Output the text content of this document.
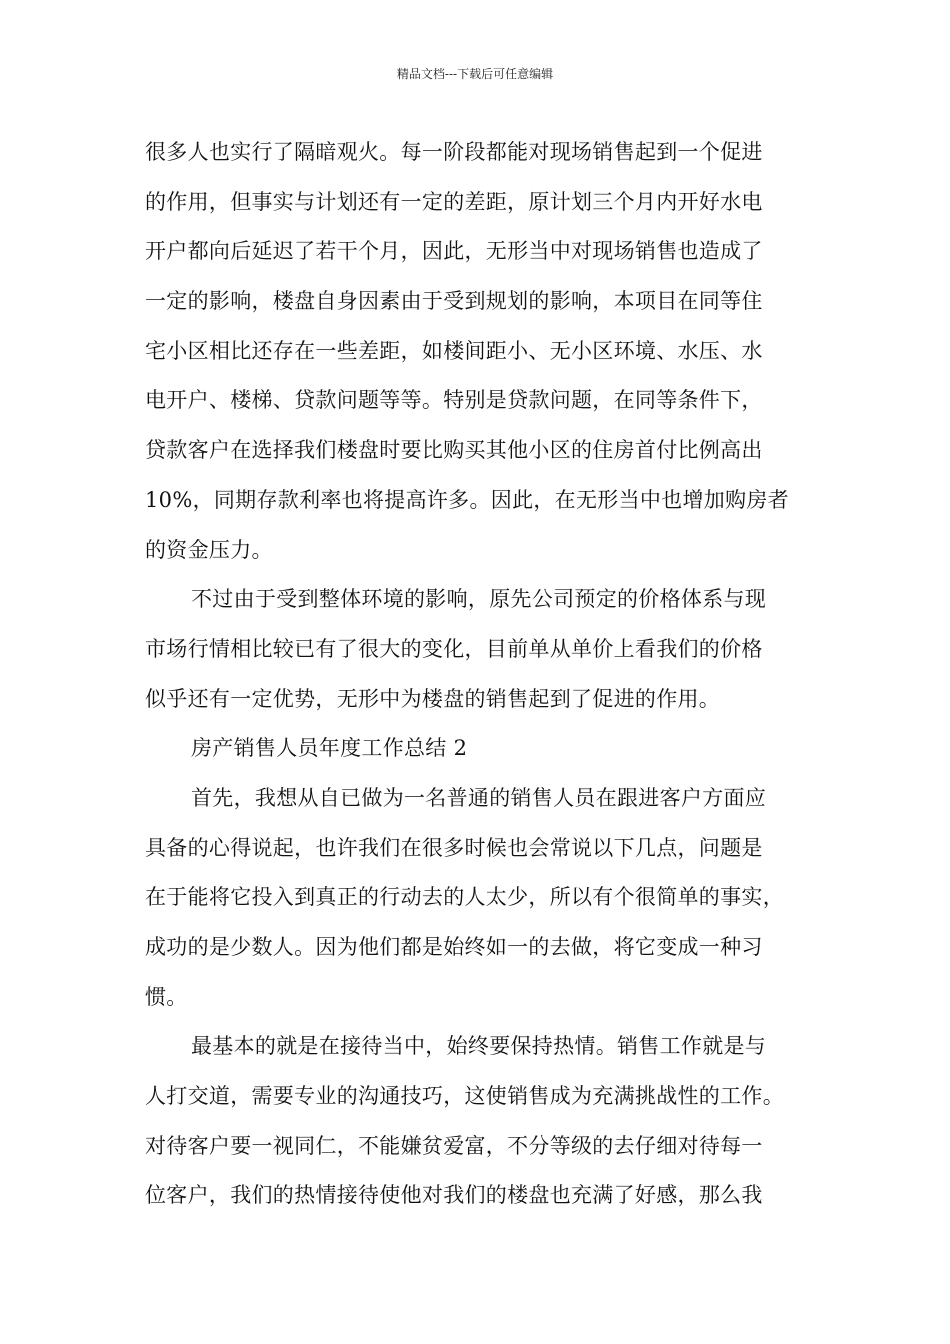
精品文档---下载后可任意编辑
很多人也实行了隔暗观火。每一阶段都能对现场销售起到一个促进
的作用，但事实与计划还有一定的差距，原计划三个月内开好水电
开户都向后延迟了若干个月，因此，无形当中对现场销售也造成了
一定的影响，楼盘自身因素由于受到规划的影响，本项目在同等住
宅小区相比还存在一些差距，如楼间距小、无小区环境、水压、水
电开户、楼梯、贷款问题等等。特别是贷款问题，在同等条件下，
贷款客户在选择我们楼盘时要比购买其他小区的住房首付比例高出
10%，同期存款利率也将提高许多。因此，在无形当中也增加购房者
的资金压力。
不过由于受到整体环境的影响，原先公司预定的价格体系与现
市场行情相比较已有了很大的变化，目前单从单价上看我们的价格
似乎还有一定优势，无形中为楼盘的销售起到了促进的作用。
房产销售人员年度工作总结 2
首先，我想从自已做为一名普通的销售人员在跟进客户方面应
具备的心得说起，也许我们在很多时候也会常说以下几点，问题是
在于能将它投入到真正的行动去的人太少，所以有个很简单的事实，
成功的是少数人。因为他们都是始终如一的去做，将它变成一种习
惯。
最基本的就是在接待当中，始终要保持热情。销售工作就是与
人打交道，需要专业的沟通技巧，这使销售成为充满挑战性的工作。
对待客户要一视同仁，不能嫌贫爱富，不分等级的去仔细对待每一
位客户，我们的热情接待使他对我们的楼盘也充满了好感，那么我
